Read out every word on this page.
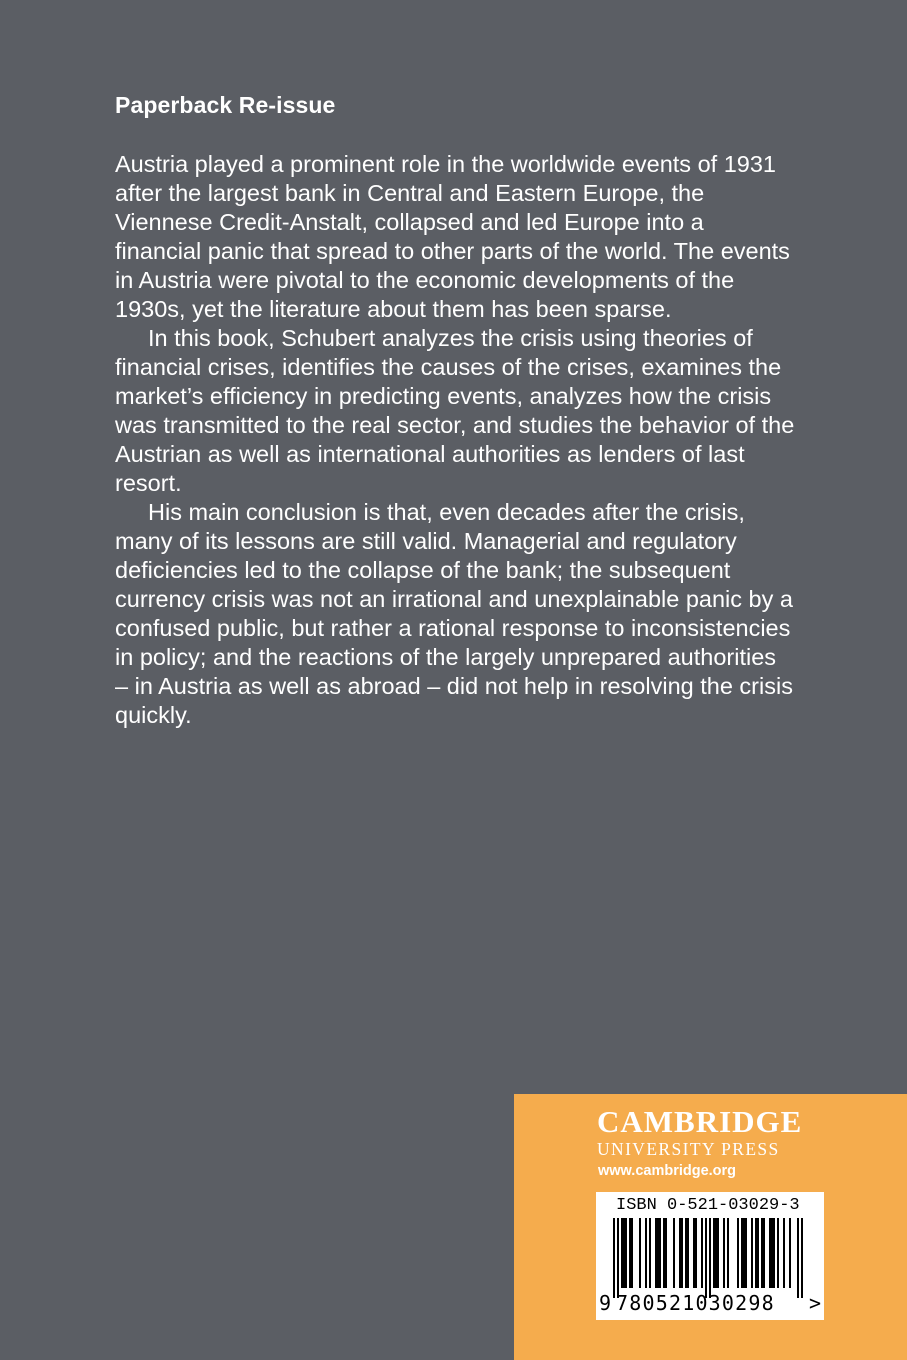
Paperback Re-issue

Austria played a prominent role in the worldwide events of 1931 after the largest bank in Central and Eastern Europe, the Viennese Credit-Anstalt, collapsed and led Europe into a financial panic that spread to other parts of the world. The events in Austria were pivotal to the economic developments of the 1930s, yet the literature about them has been sparse.

In this book, Schubert analyzes the crisis using theories of financial crises, identifies the causes of the crises, examines the market’s efficiency in predicting events, analyzes how the crisis was transmitted to the real sector, and studies the behavior of the Austrian as well as international authorities as lenders of last resort.

His main conclusion is that, even decades after the crisis, many of its lessons are still valid. Managerial and regulatory deficiencies led to the collapse of the bank; the subsequent currency crisis was not an irrational and unexplainable panic by a confused public, but rather a rational response to inconsistencies in policy; and the reactions of the largely unprepared authorities – in Austria as well as abroad – did not help in resolving the crisis quickly.

CAMBRIDGE
UNIVERSITY PRESS
www.cambridge.org
ISBN 0-521-03029-3
9 780521030298 >
